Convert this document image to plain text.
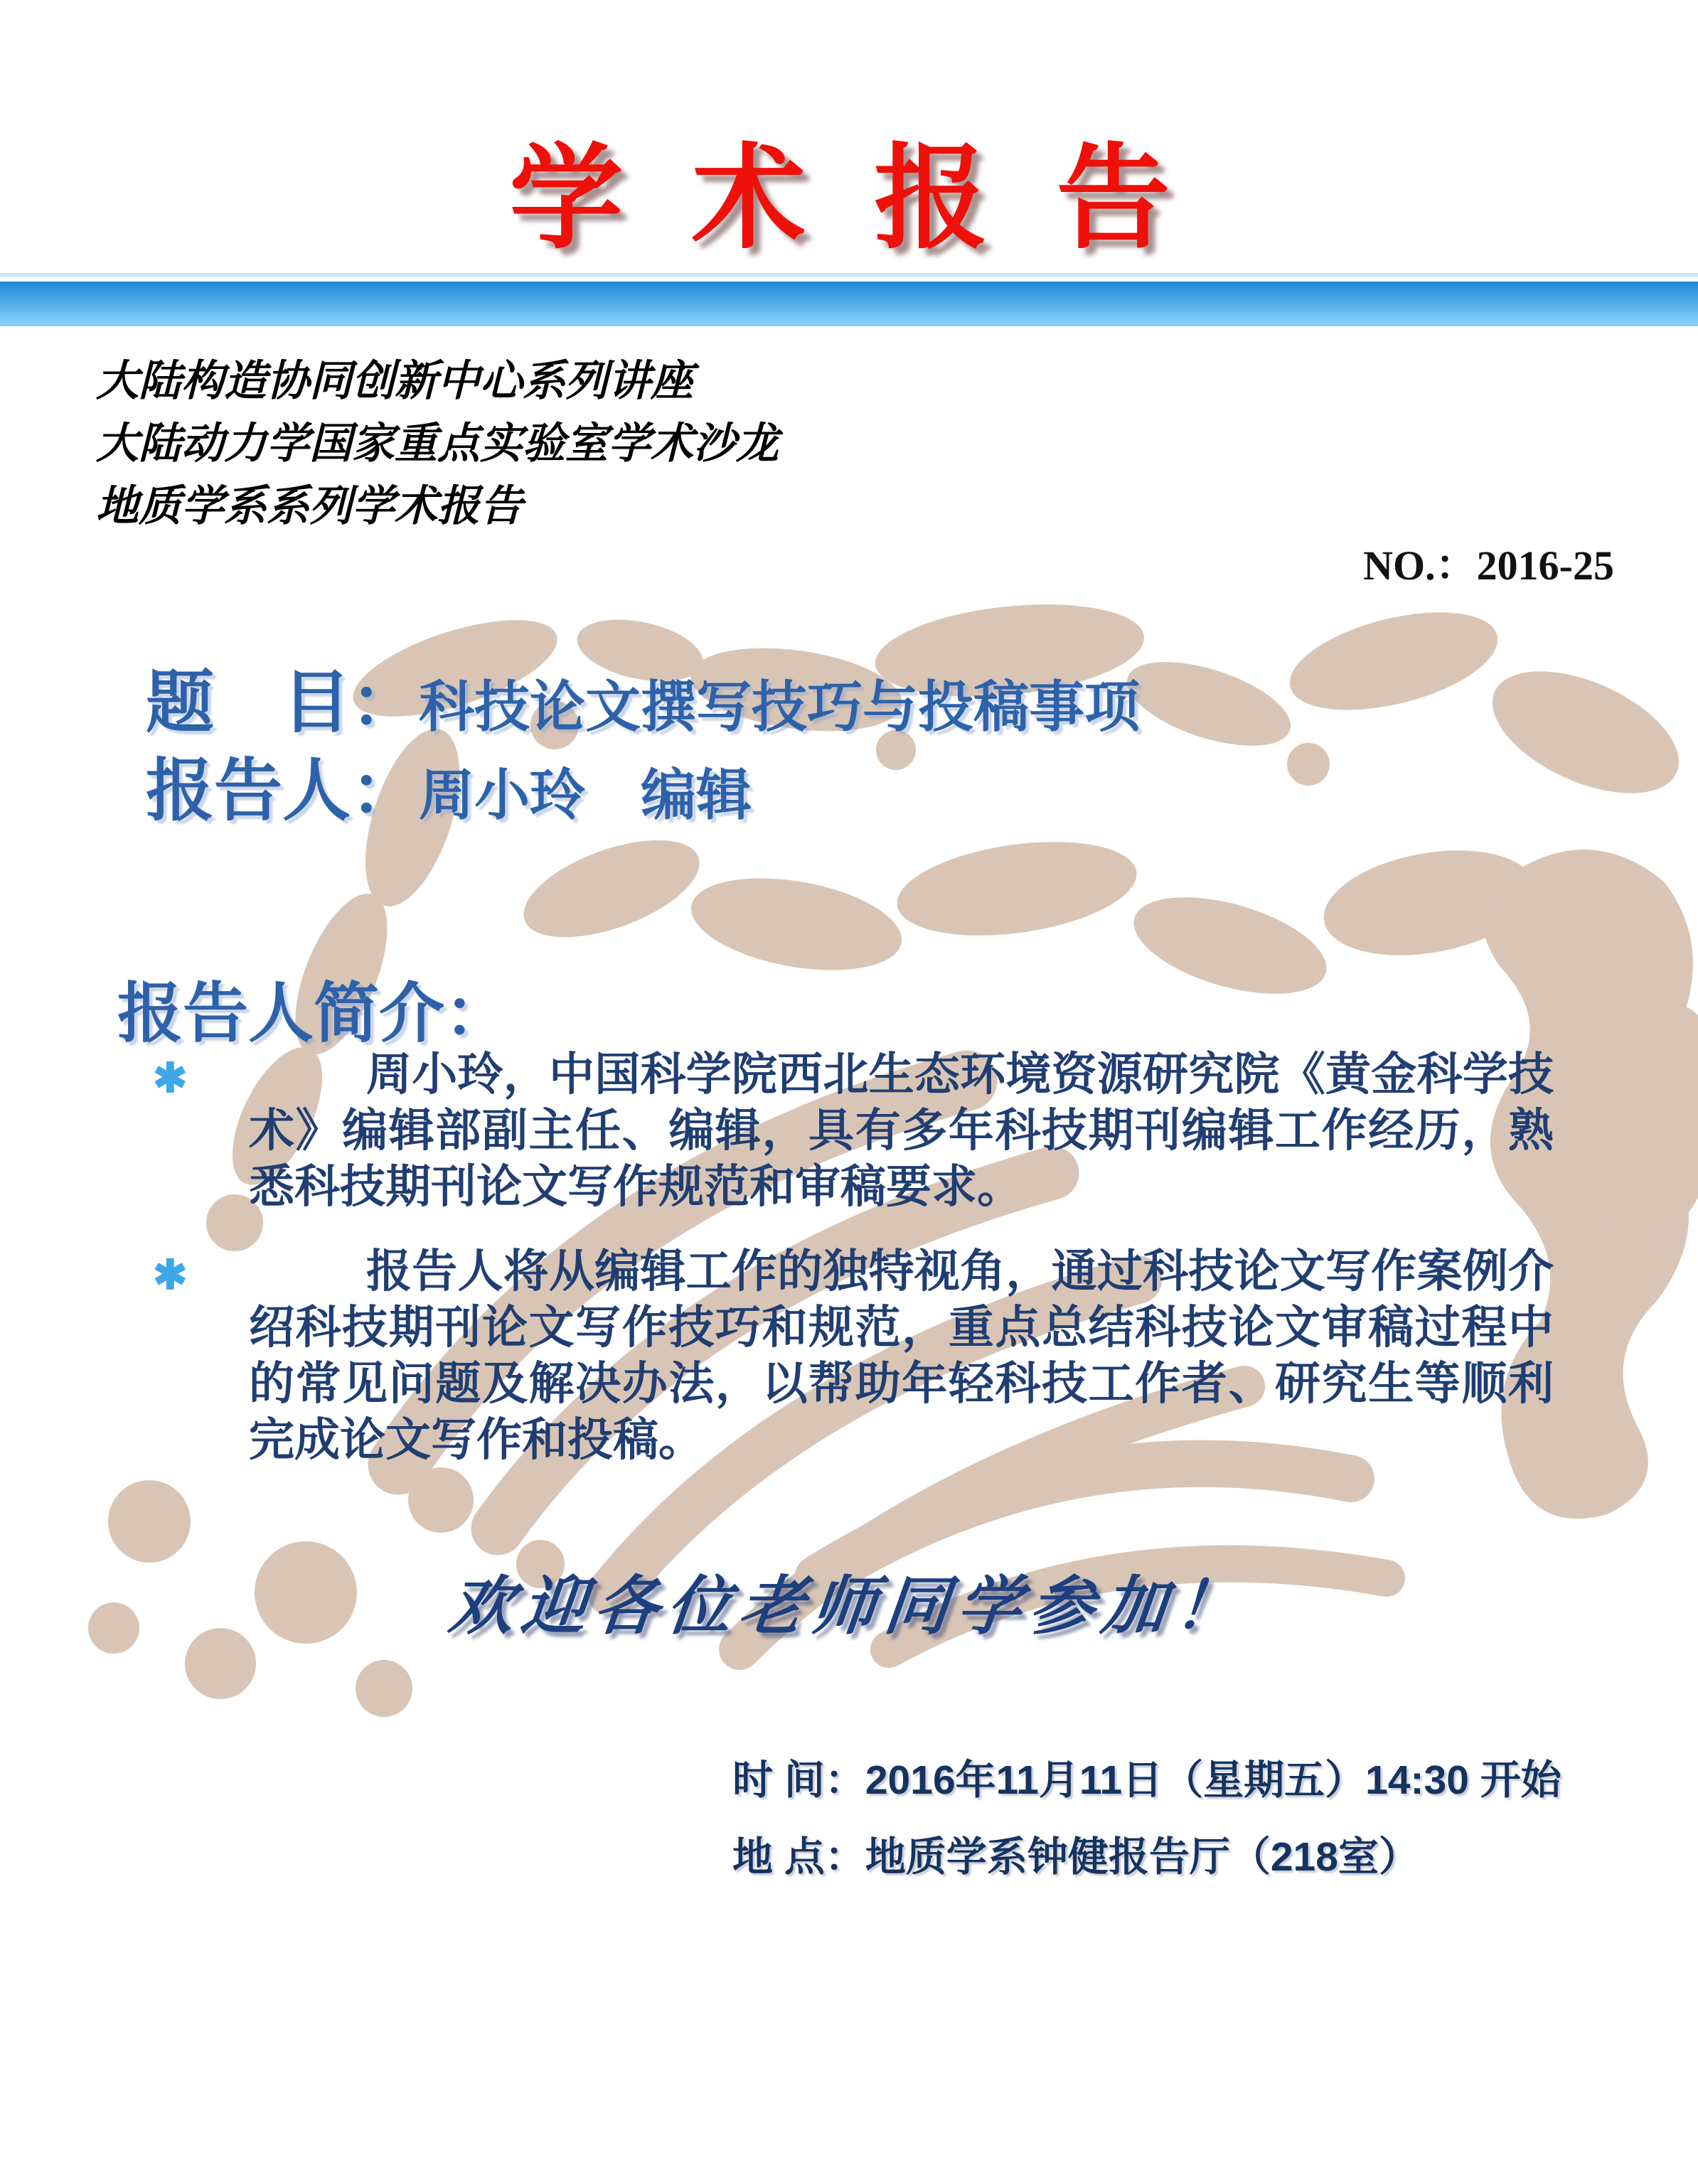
学 术 报 告
大陆构造协同创新中心系列讲座
大陆动力学国家重点实验室学术沙龙
地质学系系列学术报告
NO.：2016-25
题　目： 科技论文撰写技巧与投稿事项
报告人： 周小玲　编辑
报告人简介：
✱	周小玲，中国科学院西北生态环境资源研究院《黄金科学技术》编辑部副主任、编辑，具有多年科技期刊编辑工作经历，熟悉科技期刊论文写作规范和审稿要求。

✱	报告人将从编辑工作的独特视角，通过科技论文写作案例介绍科技期刊论文写作技巧和规范，重点总结科技论文审稿过程中的常见问题及解决办法，以帮助年轻科技工作者、研究生等顺利完成论文写作和投稿。

欢迎各位老师同学参加！
时 间：2016年11月11日（星期五）14:30 开始
地 点：地质学系钟健报告厅（218室）
